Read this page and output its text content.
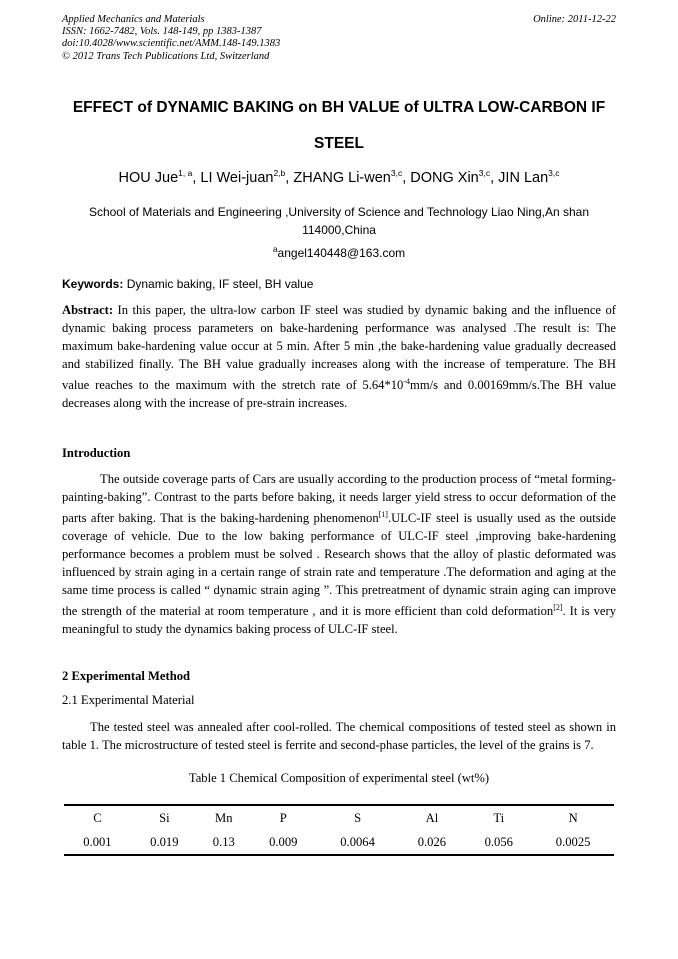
Applied Mechanics and Materials
ISSN: 1662-7482, Vols. 148-149, pp 1383-1387
doi:10.4028/www.scientific.net/AMM.148-149.1383
© 2012 Trans Tech Publications Ltd, Switzerland
Online: 2011-12-22
EFFECT of DYNAMIC BAKING on BH VALUE of ULTRA LOW-CARBON IF
STEEL
HOU Jue$^{1, a}$, LI Wei-juan$^{2,b}$, ZHANG Li-wen$^{3,c}$, DONG Xin$^{3,c}$, JIN Lan$^{3,c}$
School of Materials and Engineering ,University of Science and Technology Liao Ning,An shan 114000,China
$^a$angel140448@163.com
Keywords: Dynamic baking, IF steel, BH value
Abstract: In this paper, the ultra-low carbon IF steel was studied by dynamic baking and the influence of dynamic baking process parameters on bake-hardening performance was analysed .The result is: The maximum bake-hardening value occur at 5 min. After 5 min ,the bake-hardening value gradually decreased and stabilized finally. The BH value gradually increases along with the increase of temperature. The BH value reaches to the maximum with the stretch rate of $5.64*10^{-4}mm/s$ and 0.00169mm/s.The BH value decreases along with the increase of pre-strain increases.
Introduction
The outside coverage parts of Cars are usually according to the production process of “metal forming-painting-baking”. Contrast to the parts before baking, it needs larger yield stress to occur deformation of the parts after baking. That is the baking-hardening phenomenon[1].ULC-IF steel is usually used as the outside coverage of vehicle. Due to the low baking performance of ULC-IF steel ,improving bake-hardening performance becomes a problem must be solved . Research shows that the alloy of plastic deformated was influenced by strain aging in a certain range of strain rate and temperature .The deformation and aging at the same time process is called “ dynamic strain aging ”. This pretreatment of dynamic strain aging can improve the strength of the material at room temperature , and it is more efficient than cold deformation[2]. It is very meaningful to study the dynamics baking process of ULC-IF steel.
2 Experimental Method
2.1 Experimental Material
The tested steel was annealed after cool-rolled. The chemical compositions of tested steel as shown in table 1. The microstructure of tested steel is ferrite and second-phase particles, the level of the grains is 7.
Table 1 Chemical Composition of experimental steel (wt%)
C	Si	Mn	P	S	Al	Ti	N
0.001	0.019	0.13	0.009	0.0064	0.026	0.056	0.0025
